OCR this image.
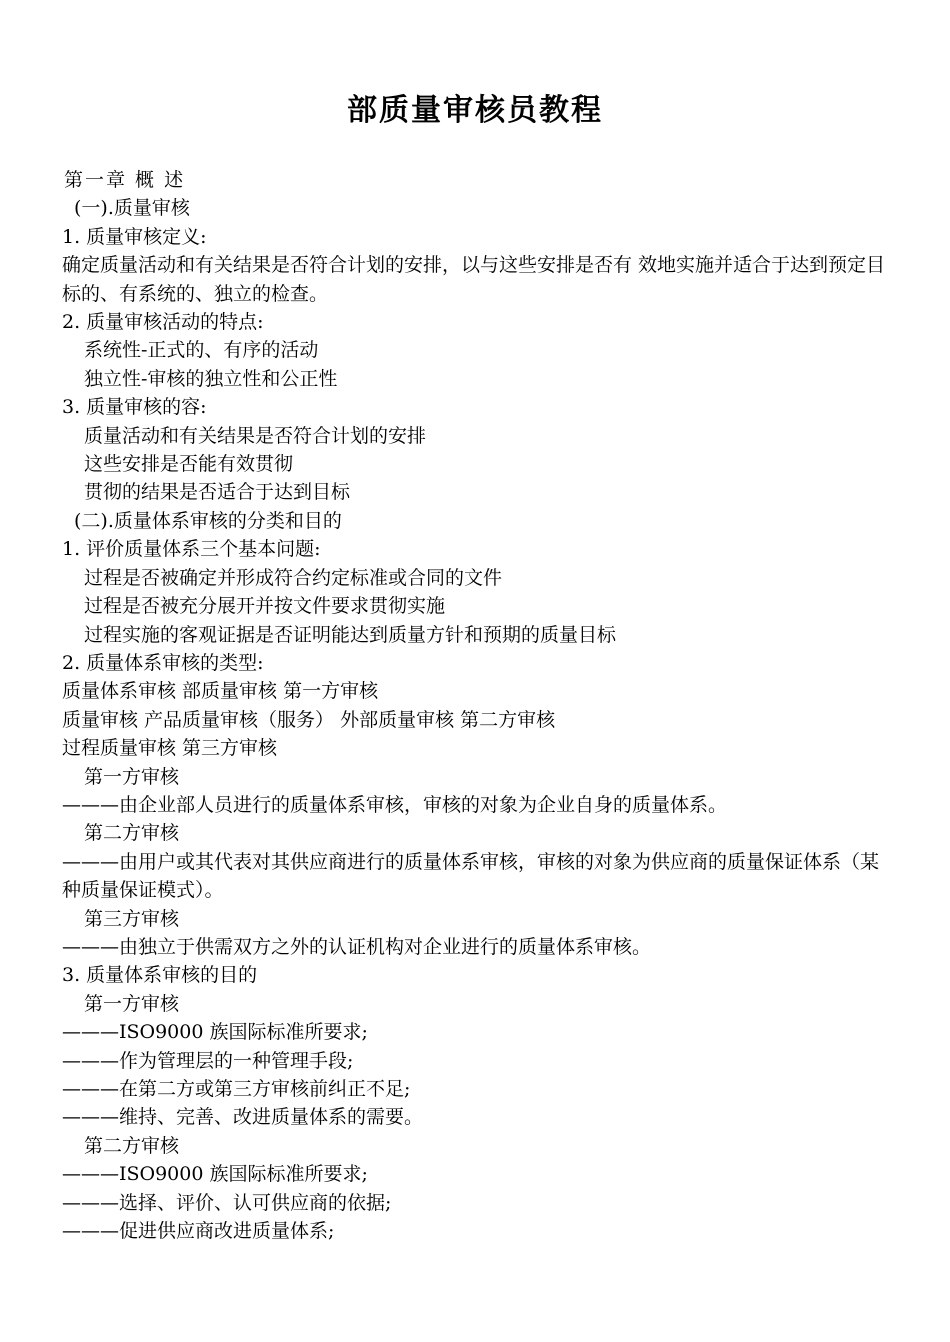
部质量审核员教程
第一章 概 述
(一).质量审核
1. 质量审核定义:
确定质量活动和有关结果是否符合计划的安排，以与这些安排是否有 效地实施并适合于达到预定目标的、有系统的、独立的检查。
2. 质量审核活动的特点:
系统性-正式的、有序的活动
独立性-审核的独立性和公正性
3. 质量审核的容:
质量活动和有关结果是否符合计划的安排
这些安排是否能有效贯彻
贯彻的结果是否适合于达到目标
(二).质量体系审核的分类和目的
1. 评价质量体系三个基本问题:
过程是否被确定并形成符合约定标准或合同的文件
过程是否被充分展开并按文件要求贯彻实施
过程实施的客观证据是否证明能达到质量方针和预期的质量目标
2. 质量体系审核的类型:
质量体系审核 部质量审核 第一方审核
质量审核 产品质量审核（服务） 外部质量审核 第二方审核
过程质量审核 第三方审核
第一方审核
———由企业部人员进行的质量体系审核，审核的对象为企业自身的质量体系。
第二方审核
———由用户或其代表对其供应商进行的质量体系审核，审核的对象为供应商的质量保证体系（某种质量保证模式）。
第三方审核
———由独立于供需双方之外的认证机构对企业进行的质量体系审核。
3. 质量体系审核的目的
第一方审核
———ISO9000 族国际标准所要求;
———作为管理层的一种管理手段;
———在第二方或第三方审核前纠正不足;
———维持、完善、改进质量体系的需要。
第二方审核
———ISO9000 族国际标准所要求;
———选择、评价、认可供应商的依据;
———促进供应商改进质量体系;
